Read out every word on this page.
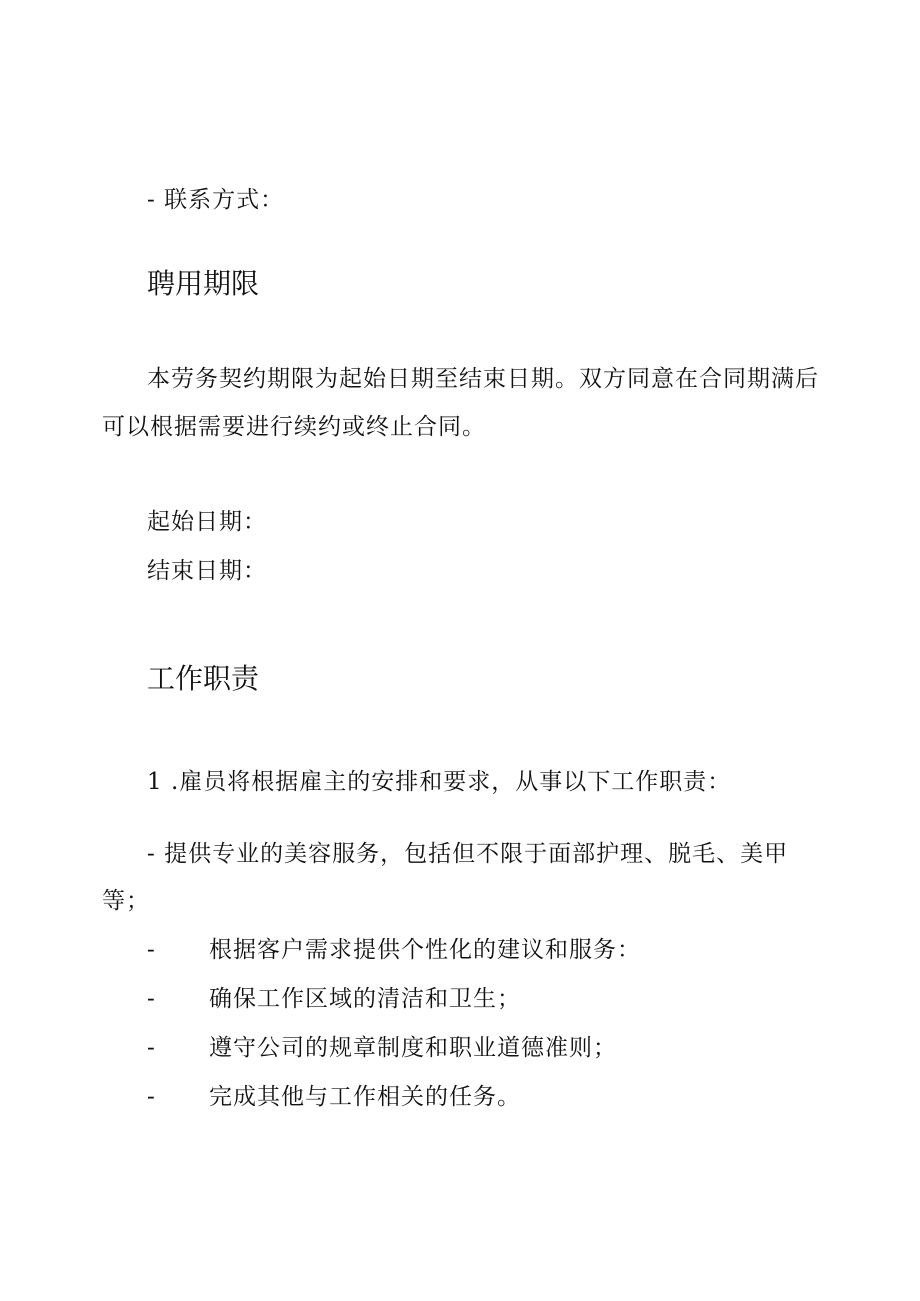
- 联系方式：
聘用期限
本劳务契约期限为起始日期至结束日期。双方同意在合同期满后
可以根据需要进行续约或终止合同。
起始日期：
结束日期：
工作职责
1 .雇员将根据雇主的安排和要求，从事以下工作职责：
- 提供专业的美容服务，包括但不限于面部护理、脱毛、美甲
等；
- 根据客户需求提供个性化的建议和服务：
- 确保工作区域的清洁和卫生；
- 遵守公司的规章制度和职业道德准则；
- 完成其他与工作相关的任务。
